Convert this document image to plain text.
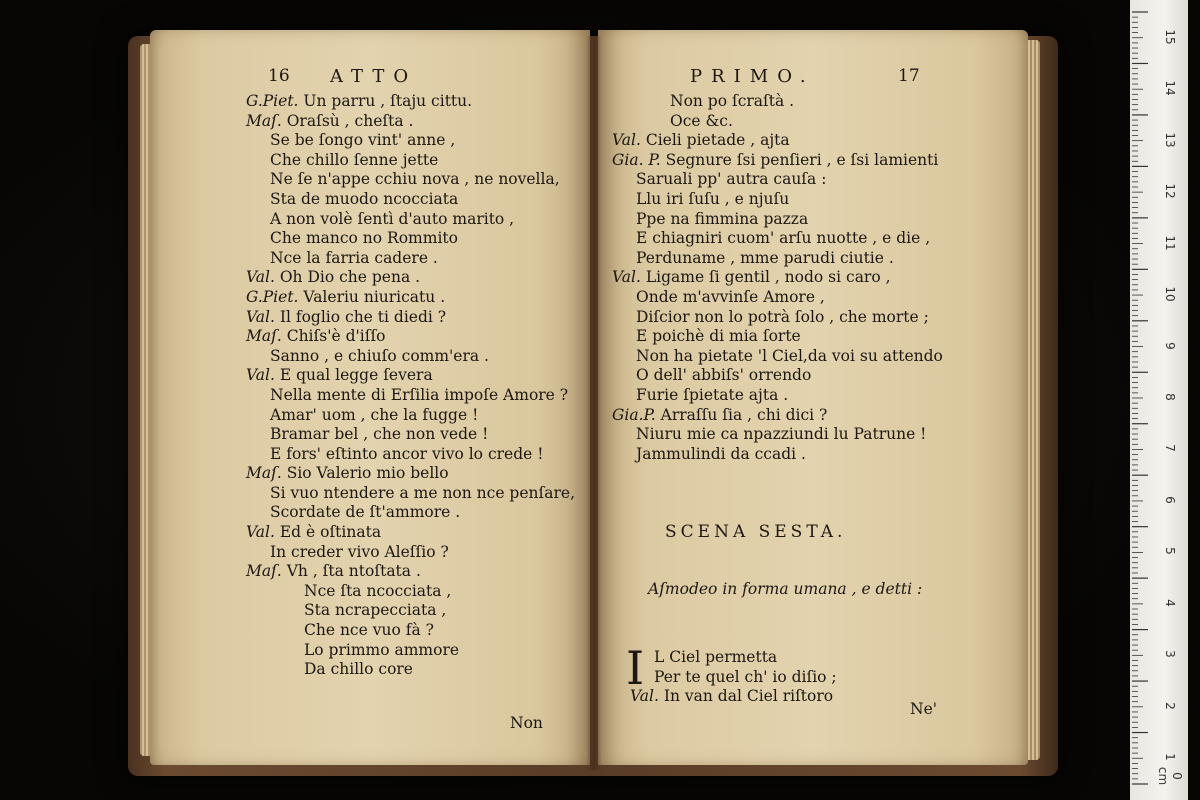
16 ATTO
G.Piet. Un parru , ſtaju cittu.
Maſ. Oraſsù , cheſta .
Se be ſongo vint' anne ,
Che chillo ſenne jette
Ne ſe n'appe cchiu nova , ne novella,
Sta de muodo ncocciata
A non volè ſentì d'auto marito ,
Che manco no Rommito
Nce la farria cadere .
Val. Oh Dio che pena .
G.Piet. Valeriu niuricatu .
Val. Il foglio che ti diedi ?
Maſ. Chiſs'è d'iſſo
Sanno , e chiuſo comm'era .
Val. E qual legge ſevera
Nella mente di Erſilia impoſe Amore ?
Amar' uom , che la fugge !
Bramar bel , che non vede !
E fors' eſtinto ancor vivo lo crede !
Maſ. Sio Valerio mio bello
Si vuo ntendere a me non nce penſare,
Scordate de ſt'ammore .
Val. Ed è oſtinata
In creder vivo Aleſſio ?
Maſ. Vh , ſta ntoſtata .
Nce ſta ncocciata ,
Sta ncrapecciata ,
Che nce vuo fà ?
Lo primmo ammore
Da chillo core
Non
PRIMO.	17
Non po ſcraſtà .
Oce &c.
Val. Cieli pietade , ajta
Gia. P. Segnure ſsi penſieri , e ſsi lamienti
Saruali pp' autra cauſa :
Llu iri ſuſu , e njuſu
Ppe na fimmina pazza
E chiagniri cuom' arſu nuotte , e die ,
Perduname , mme parudi ciutie .
Val. Ligame ſi gentil , nodo si caro ,
Onde m'avvinſe Amore ,
Diſcior non lo potrà ſolo , che morte ;
E poichè di mia ſorte
Non ha pietate 'l Ciel,da voi su attendo
O dell' abbiſs' orrendo
Furie ſpietate ajta .
Gia.P. Arraſſu ſia , chi dici ?
Niuru mie ca npazziundi lu Patrune !
Jammulindi da ccadi .
SCENA SESTA.
Aſmodeo in forma umana , e detti :
I L Ciel permetta
Per te quel ch' io diſio ;
Val. In van dal Ciel riſtoro
Ne'
15
14
13
12
11
10
9
8
7
6
5
4
3
2
1
0 cm
